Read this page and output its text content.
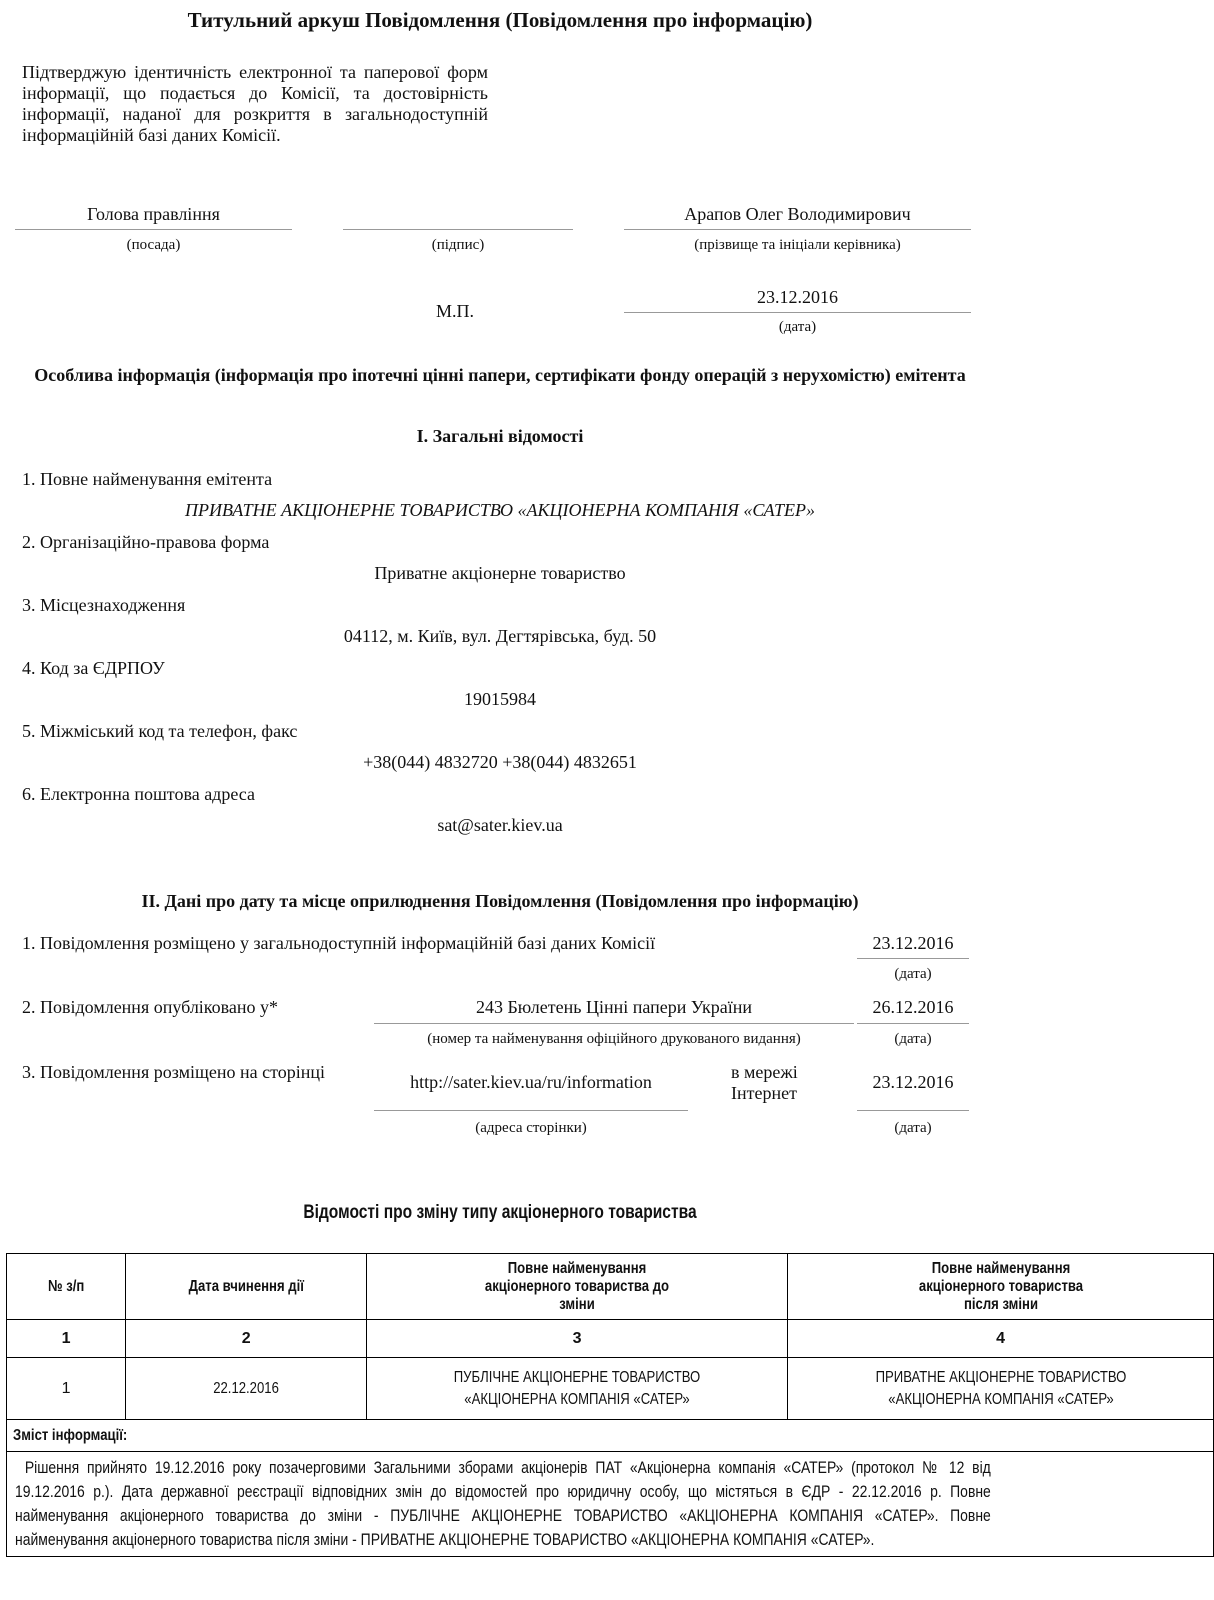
Титульний аркуш Повідомлення (Повідомлення про інформацію)
Підтверджую ідентичність електронної та паперової форм інформації, що подається до Комісії, та достовірність інформації, наданої для розкриття в загальнодоступній інформаційній базі даних Комісії.
Голова правління
(посада)	(підпис)
Арапов Олег Володимирович
(прізвище та ініціали керівника)
М.П.
23.12.2016
(дата)
Особлива інформація (інформація про іпотечні цінні папери, сертифікати фонду операцій з нерухомістю) емітента
I. Загальні відомості
1. Повне найменування емітента
ПРИВАТНЕ АКЦІОНЕРНЕ ТОВАРИСТВО «АКЦІОНЕРНА КОМПАНІЯ «САТЕР»
2. Організаційно-правова форма
Приватне акціонерне товариство
3. Місцезнаходження
04112, м. Київ, вул. Дегтярівська, буд. 50
4. Код за ЄДРПОУ
19015984
5. Міжміський код та телефон, факс
+38(044) 4832720 +38(044) 4832651
6. Електронна поштова адреса
sat@sater.kiev.ua
II. Дані про дату та місце оприлюднення Повідомлення (Повідомлення про інформацію)
1. Повідомлення розміщено у загальнодоступній інформаційній базі даних Комісії	23.12.2016
(дата)
2. Повідомлення опубліковано у*	243 Бюлетень Цінні папери України
(номер та найменування офіційного друкованого видання)
26.12.2016
(дата)
3. Повідомлення розміщено на сторінці	http://sater.kiev.ua/ru/information
(адреса сторінки)
в мережі Інтернет
23.12.2016
(дата)
Відомості про зміну типу акціонерного товариства
№ з/п	Дата вчинення дії	Повне найменування акціонерного товариства до зміни	Повне найменування акціонерного товариства після зміни
1	2	3	4
1	22.12.2016	ПУБЛІЧНЕ АКЦІОНЕРНЕ ТОВАРИСТВО «АКЦІОНЕРНА КОМПАНІЯ «САТЕР»	ПРИВАТНЕ АКЦІОНЕРНЕ ТОВАРИСТВО «АКЦІОНЕРНА КОМПАНІЯ «САТЕР»
Зміст інформації:			

Рішення прийнято 19.12.2016 року позачерговими Загальними зборами акціонерів ПАТ «Акціонерна компанія «САТЕР» (протокол № 12 від 19.12.2016 р.). Дата державної реєстрації відповідних змін до відомостей про юридичну особу, що містяться в ЄДР - 22.12.2016 р. Повне найменування акціонерного товариства до зміни - ПУБЛІЧНЕ АКЦІОНЕРНЕ ТОВАРИСТВО «АКЦІОНЕРНА КОМПАНІЯ «САТЕР». Повне найменування акціонерного товариства після зміни - ПРИВАТНЕ АКЦІОНЕРНЕ ТОВАРИСТВО «АКЦІОНЕРНА КОМПАНІЯ «САТЕР».			
